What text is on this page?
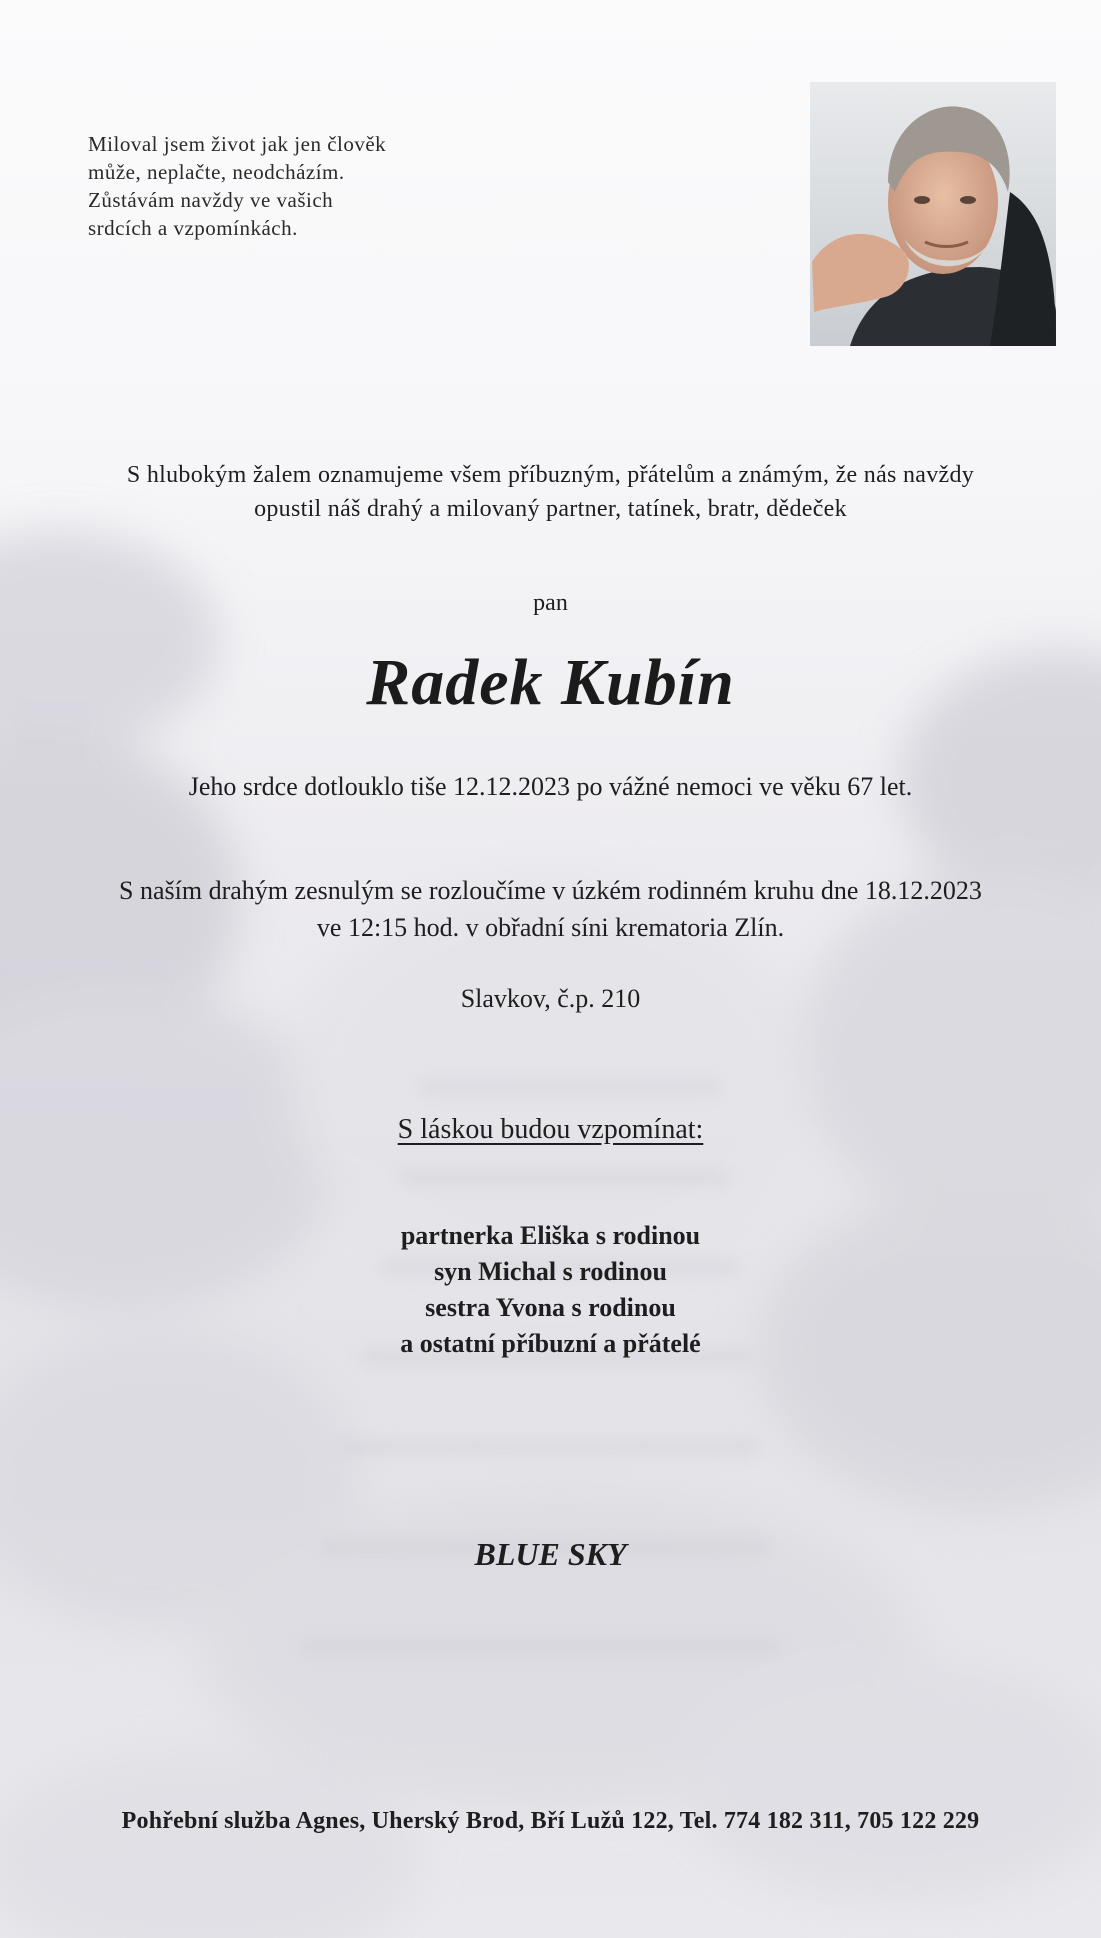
Miloval jsem život jak jen člověk
může, neplačte, neodcházím.
Zůstávám navždy ve vašich
srdcích a vzpomínkách.

S hlubokým žalem oznamujeme všem příbuzným, přátelům a známým, že nás navždy
opustil náš drahý a milovaný partner, tatínek, bratr, dědeček

pan
Radek Kubín
Jeho srdce dotlouklo tiše 12.12.2023 po vážné nemoci ve věku 67 let.

S naším drahým zesnulým se rozloučíme v úzkém rodinném kruhu dne 18.12.2023
ve 12:15 hod. v obřadní síni krematoria Zlín.

Slavkov, č.p. 210
S láskou budou vzpomínat:

partnerka Eliška s rodinou
syn Michal s rodinou
sestra Yvona s rodinou
a ostatní příbuzní a přátelé

BLUE SKY
Pohřební služba Agnes, Uherský Brod, Bří Lužů 122, Tel. 774 182 311, 705 122 229
